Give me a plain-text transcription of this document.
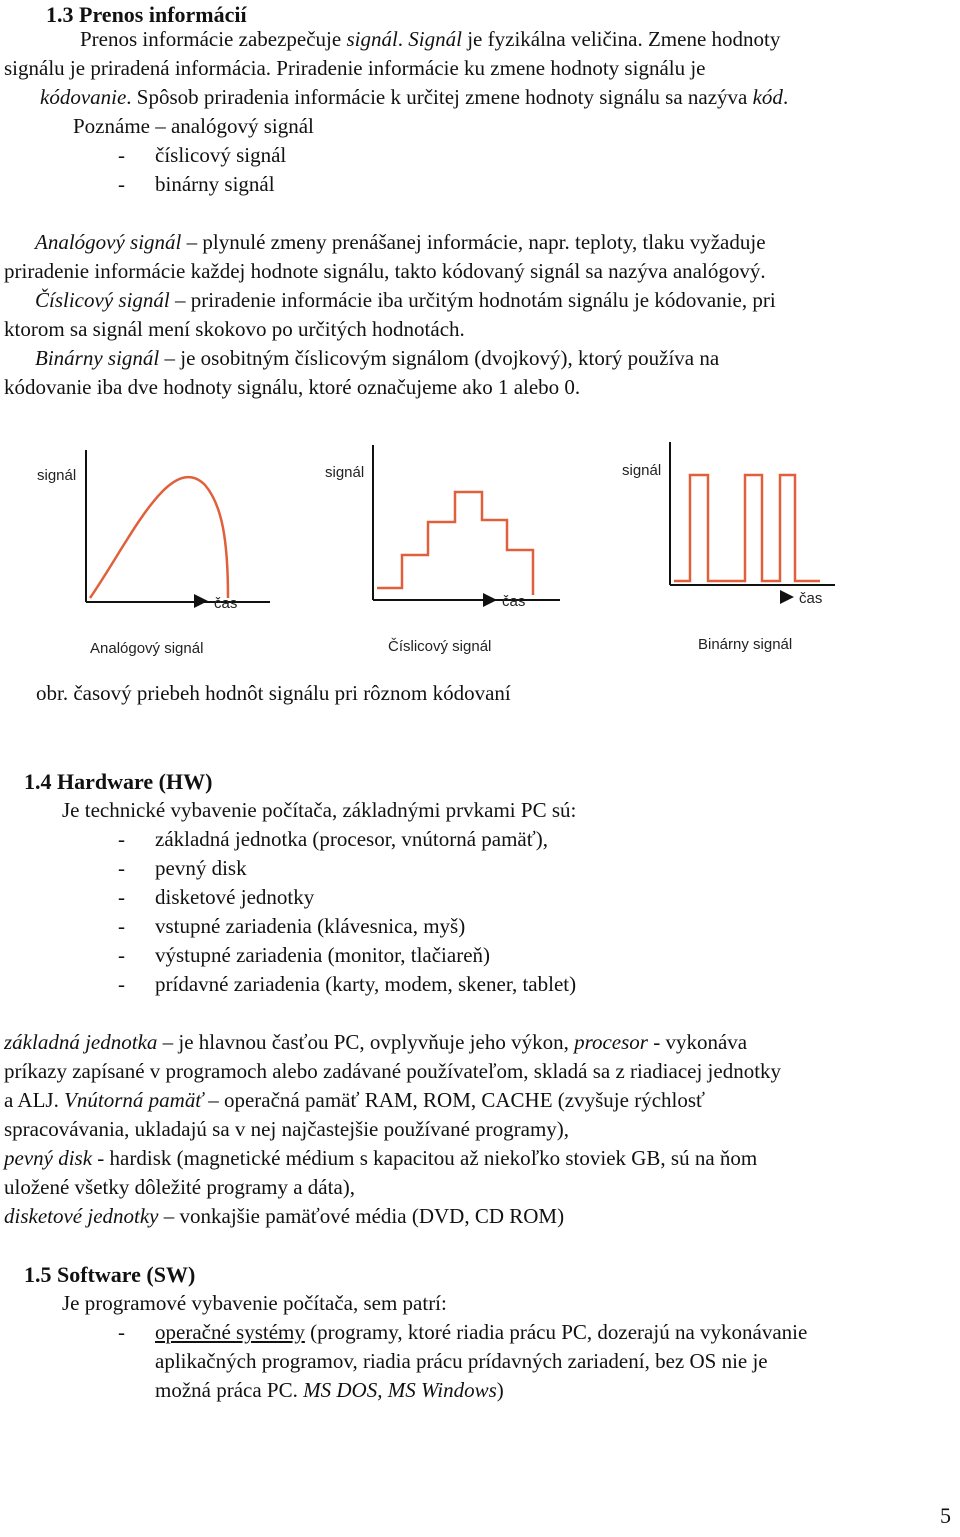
1.3 Prenos informácií
Prenos informácie zabezpečuje signál. Signál je fyzikálna veličina. Zmene hodnoty
signálu je priradená informácia. Priradenie informácie ku zmene hodnoty signálu je
kódovanie. Spôsob priradenia informácie k určitej zmene hodnoty signálu sa nazýva kód.
Poznáme – analógový signál
- číslicový signál
- binárny signál
Analógový signál – plynulé zmeny prenášanej informácie, napr. teploty, tlaku vyžaduje
priradenie informácie každej hodnote signálu, takto kódovaný signál sa nazýva analógový.
Číslicový signál – priradenie informácie iba určitým hodnotám signálu je kódovanie, pri
ktorom sa signál mení skokovo po určitých hodnotách.
Binárny signál – je osobitným číslicovým signálom (dvojkový), ktorý používa na
kódovanie iba dve hodnoty signálu, ktoré označujeme ako 1 alebo 0.
signál
čas
Analógový signál
signál
čas
Číslicový signál
signál
čas
Binárny signál
obr. časový priebeh hodnôt signálu pri rôznom kódovaní
1.4 Hardware (HW)
Je technické vybavenie počítača, základnými prvkami PC sú:
- základná jednotka (procesor, vnútorná pamäť),
- pevný disk
- disketové jednotky
- vstupné zariadenia (klávesnica, myš)
- výstupné zariadenia (monitor, tlačiareň)
- prídavné zariadenia (karty, modem, skener, tablet)
základná jednotka – je hlavnou časťou PC, ovplyvňuje jeho výkon, procesor - vykonáva
príkazy zapísané v programoch alebo zadávané používateľom, skladá sa z riadiacej jednotky
a ALJ. Vnútorná pamäť – operačná pamäť RAM, ROM, CACHE (zvyšuje rýchlosť
spracovávania, ukladajú sa v nej najčastejšie používané programy),
pevný disk - hardisk (magnetické médium s kapacitou až niekoľko stoviek GB, sú na ňom
uložené všetky dôležité programy a dáta),
disketové jednotky – vonkajšie pamäťové média (DVD, CD ROM)
1.5 Software (SW)
Je programové vybavenie počítača, sem patrí:
- operačné systémy (programy, ktoré riadia prácu PC, dozerajú na vykonávanie
aplikačných programov, riadia prácu prídavných zariadení, bez OS nie je
možná práca PC. MS DOS, MS Windows)
5
